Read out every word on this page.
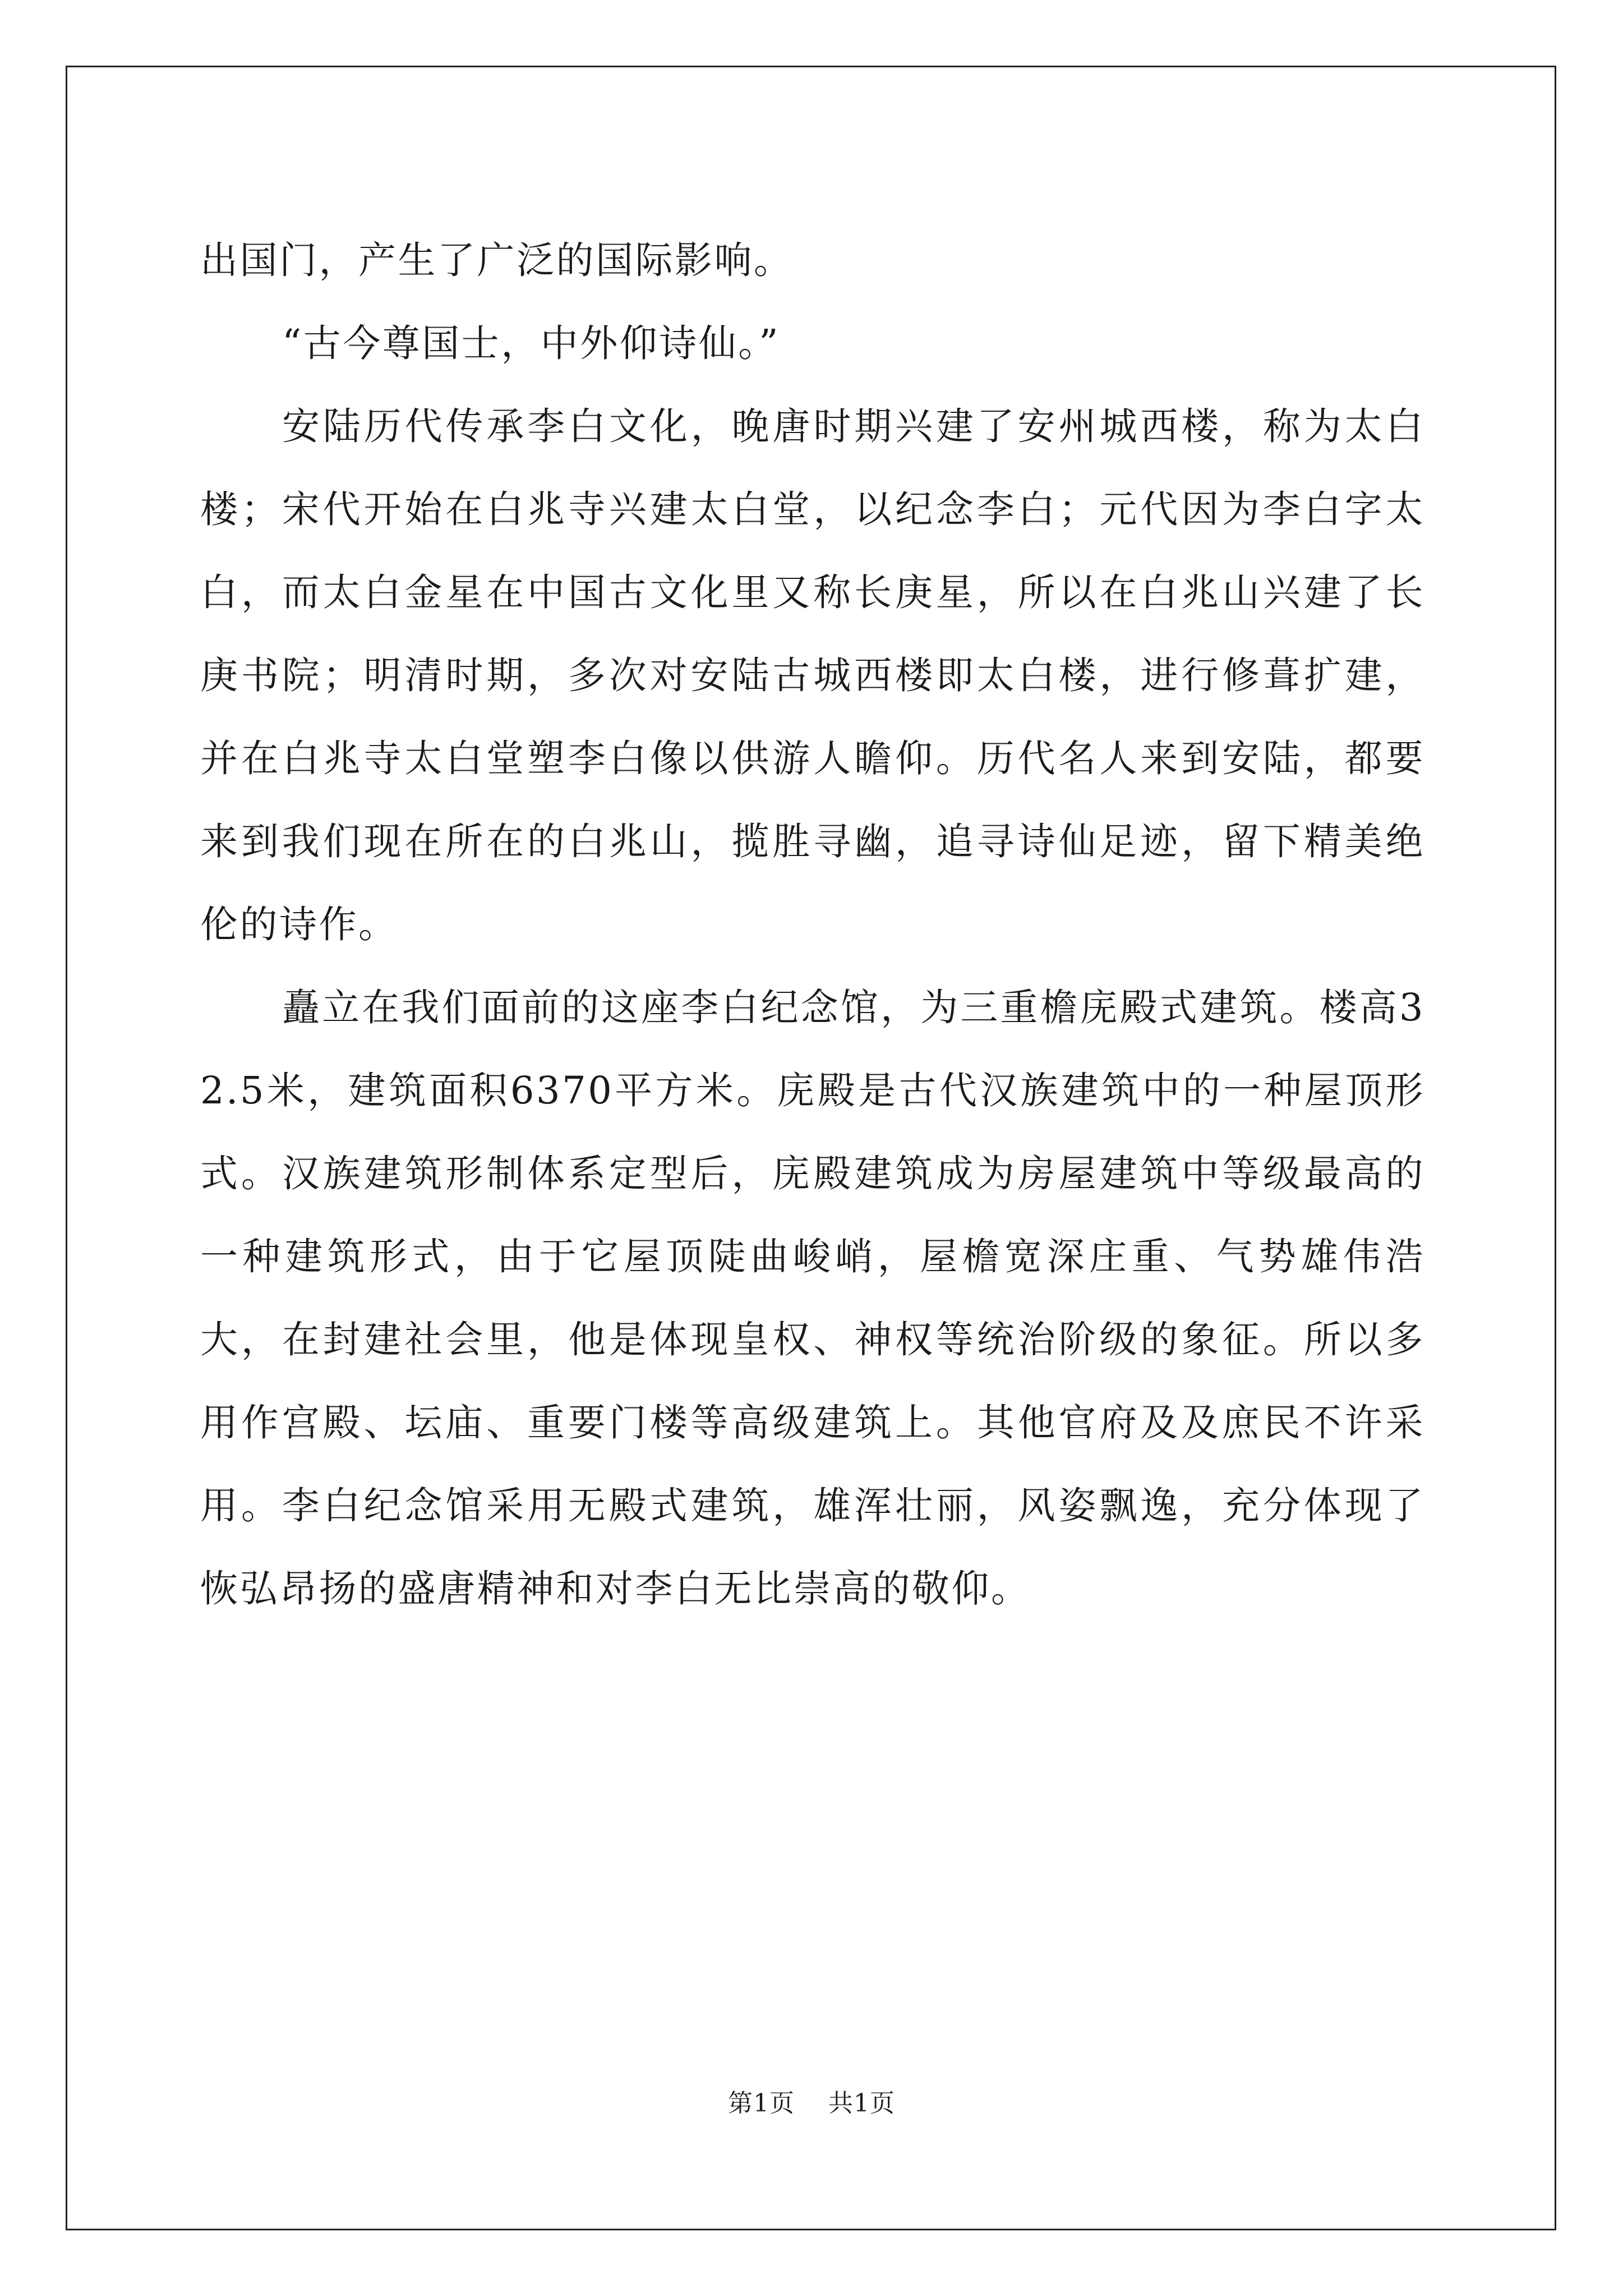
出国门，产生了广泛的国际影响。

“古今尊国士，中外仰诗仙。”

安陆历代传承李白文化，晚唐时期兴建了安州城西楼，称为太白楼；宋代开始在白兆寺兴建太白堂，以纪念李白；元代因为李白字太白，而太白金星在中国古文化里又称长庚星，所以在白兆山兴建了长庚书院；明清时期，多次对安陆古城西楼即太白楼，进行修葺扩建，并在白兆寺太白堂塑李白像以供游人瞻仰。历代名人来到安陆，都要来到我们现在所在的白兆山，揽胜寻幽，追寻诗仙足迹，留下精美绝伦的诗作。

矗立在我们面前的这座李白纪念馆，为三重檐庑殿式建筑。楼高32.5米，建筑面积6370平方米。庑殿是古代汉族建筑中的一种屋顶形式。汉族建筑形制体系定型后，庑殿建筑成为房屋建筑中等级最高的一种建筑形式，由于它屋顶陡曲峻峭，屋檐宽深庄重、气势雄伟浩大，在封建社会里，他是体现皇权、神权等统治阶级的象征。所以多用作宫殿、坛庙、重要门楼等高级建筑上。其他官府及及庶民不许采用。李白纪念馆采用无殿式建筑，雄浑壮丽，风姿飘逸，充分体现了恢弘昂扬的盛唐精神和对李白无比崇高的敬仰。

第1页 共1页
